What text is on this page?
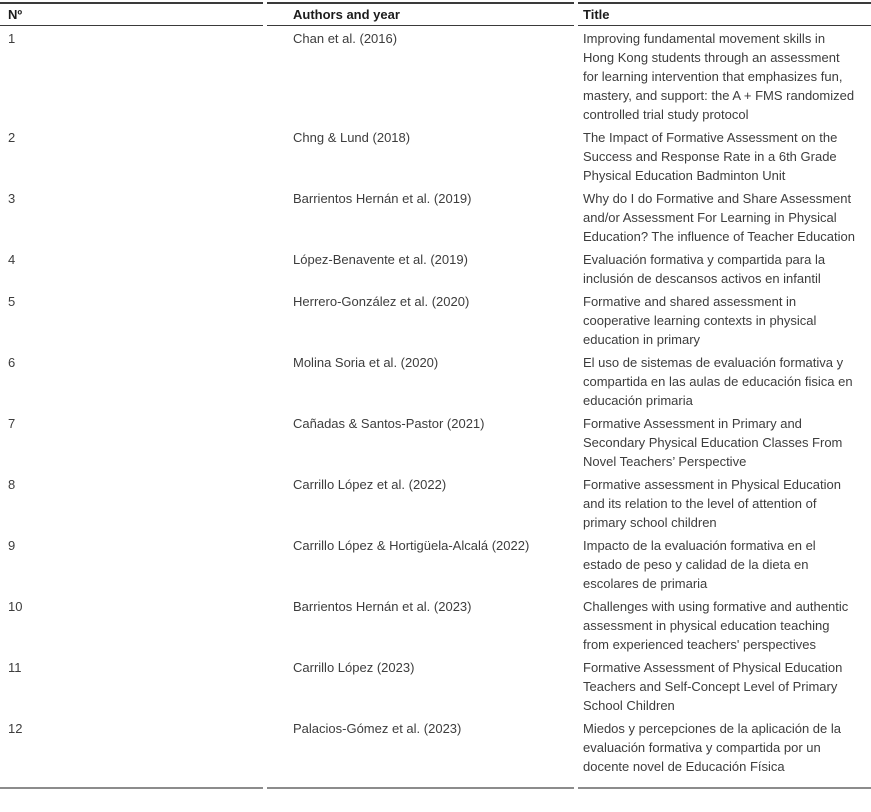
Nº	Authors and year	Title
1	Chan et al. (2016)	Improving fundamental movement skills in Hong Kong students through an assessment for learning intervention that emphasizes fun, mastery, and support: the A + FMS randomized controlled trial study protocol
2	Chng & Lund (2018)	The Impact of Formative Assessment on the Success and Response Rate in a 6th Grade Physical Education Badminton Unit
3	Barrientos Hernán et al. (2019)	Why do I do Formative and Share Assessment and/or Assessment For Learning in Physical Education? The influence of Teacher Education
4	López-Benavente et al. (2019)	Evaluación formativa y compartida para la inclusión de descansos activos en infantil
5	Herrero-González et al. (2020)	Formative and shared assessment in cooperative learning contexts in physical education in primary
6	Molina Soria et al. (2020)	El uso de sistemas de evaluación formativa y compartida en las aulas de educación fisica en educación primaria
7	Cañadas & Santos-Pastor (2021)	Formative Assessment in Primary and Secondary Physical Education Classes From Novel Teachers’ Perspective
8	Carrillo López et al. (2022)	Formative assessment in Physical Education and its relation to the level of attention of primary school children
9	Carrillo López & Hortigüela-Alcalá (2022)	Impacto de la evaluación formativa en el estado de peso y calidad de la dieta en escolares de primaria
10	Barrientos Hernán et al. (2023)	Challenges with using formative and authentic assessment in physical education teaching from experienced teachers' perspectives
11	Carrillo López (2023)	Formative Assessment of Physical Education Teachers and Self-Concept Level of Primary School Children
12	Palacios-Gómez et al. (2023)	Miedos y percepciones de la aplicación de la evaluación formativa y compartida por un docente novel de Educación Física
